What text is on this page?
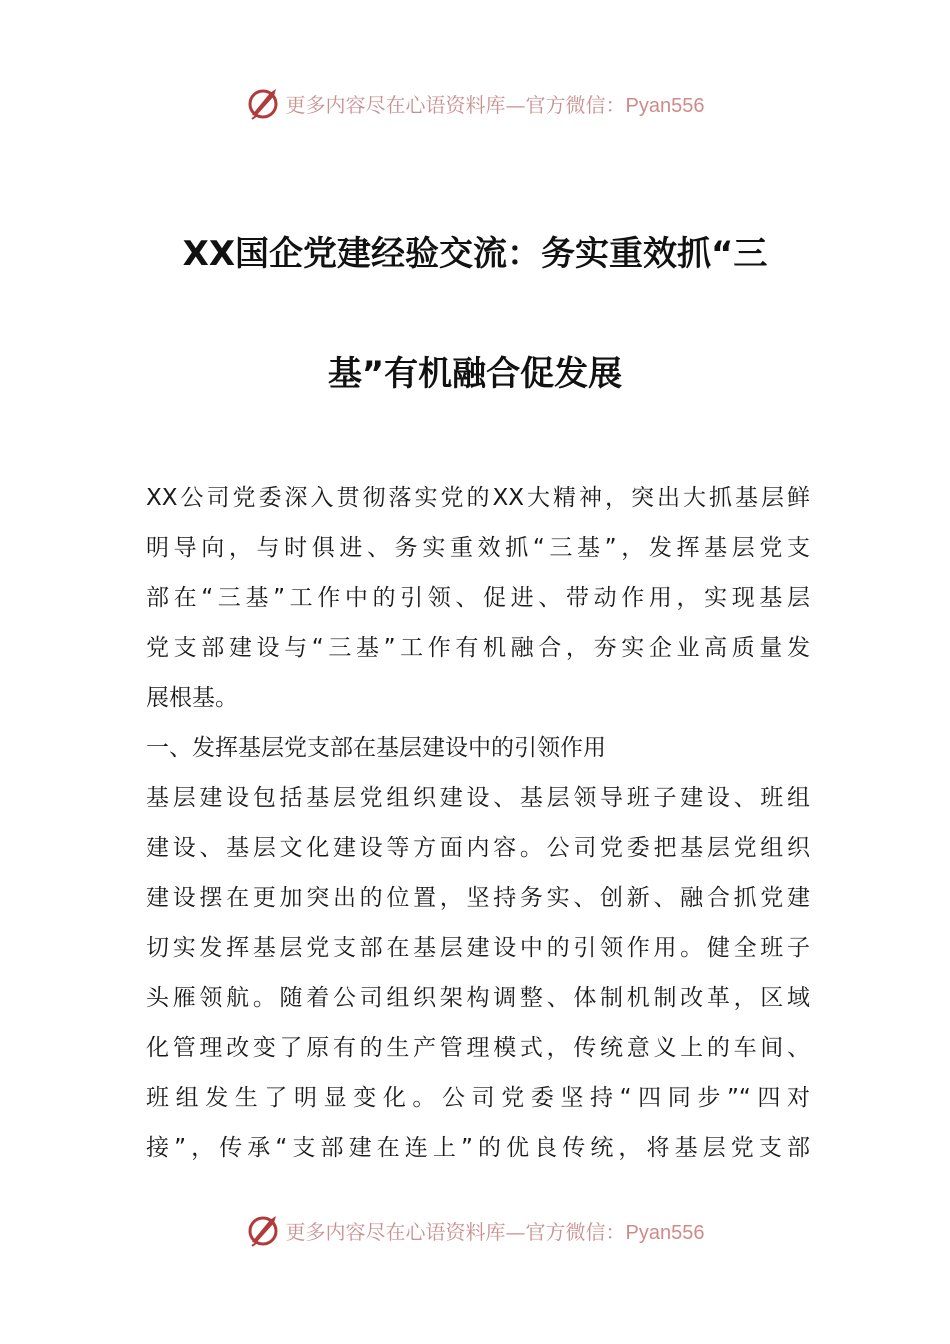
更多内容尽在心语资料库—官方微信：Pyan556
XX国企党建经验交流：务实重效抓“三
基”有机融合促发展
XX公司党委深入贯彻落实党的XX大精神，突出大抓基层鲜
明导向，与时俱进、务实重效抓“三基”，发挥基层党支
部在“三基”工作中的引领、促进、带动作用，实现基层
党支部建设与“三基”工作有机融合，夯实企业高质量发
展根基。
一、发挥基层党支部在基层建设中的引领作用
基层建设包括基层党组织建设、基层领导班子建设、班组
建设、基层文化建设等方面内容。公司党委把基层党组织
建设摆在更加突出的位置，坚持务实、创新、融合抓党建
切实发挥基层党支部在基层建设中的引领作用。健全班子
头雁领航。随着公司组织架构调整、体制机制改革，区域
化管理改变了原有的生产管理模式，传统意义上的车间、
班组发生了明显变化。公司党委坚持“四同步”“四对
接”，传承“支部建在连上”的优良传统，将基层党支部
更多内容尽在心语资料库—官方微信：Pyan556
